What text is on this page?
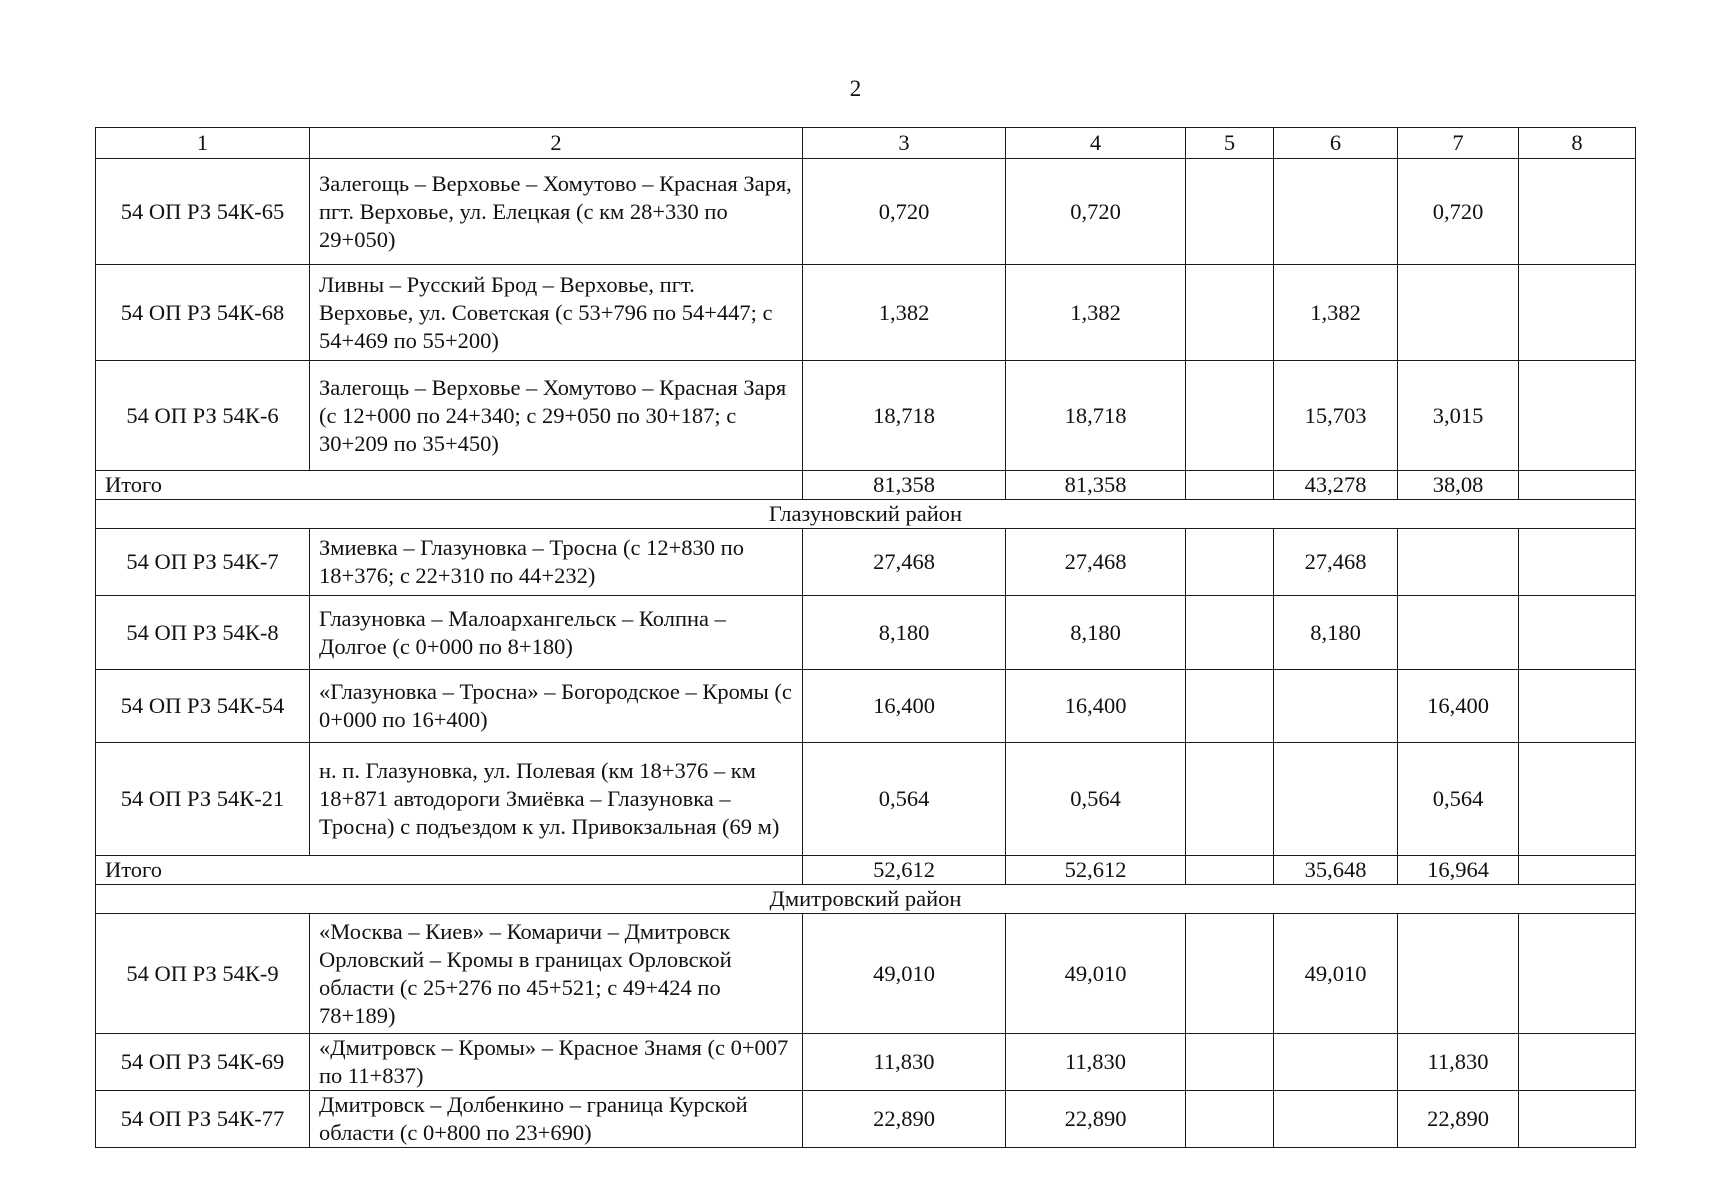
2
1	2	3	4	5	6	7	8
54 ОП РЗ 54К-65	Залегощь – Верховье – Хомутово – Красная Заря, пгт. Верховье, ул. Елецкая (с км 28+330 по 29+050)	0,720	0,720			0,720	
54 ОП РЗ 54К-68	Ливны – Русский Брод – Верховье, пгт. Верховье, ул. Советская (с 53+796 по 54+447; с 54+469 по 55+200)	1,382	1,382		1,382		
54 ОП РЗ 54К-6	Залегощь – Верховье – Хомутово – Красная Заря (с 12+000 по 24+340; с 29+050 по 30+187; с 30+209 по 35+450)	18,718	18,718		15,703	3,015	
Итого		81,358	81,358		43,278	38,08	
Глазуновский район							
54 ОП РЗ 54К-7	Змиевка – Глазуновка – Тросна (с 12+830 по 18+376; с 22+310 по 44+232)	27,468	27,468		27,468		
54 ОП РЗ 54К-8	Глазуновка – Малоархангельск – Колпна – Долгое (с 0+000 по 8+180)	8,180	8,180		8,180		
54 ОП РЗ 54К-54	«Глазуновка – Тросна» – Богородское – Кромы (с 0+000 по 16+400)	16,400	16,400			16,400	
54 ОП РЗ 54К-21	н. п. Глазуновка, ул. Полевая (км 18+376 – км 18+871 автодороги Змиёвка – Глазуновка – Тросна) с подъездом к ул. Привокзальная (69 м)	0,564	0,564			0,564	
Итого		52,612	52,612		35,648	16,964	
Дмитровский район							
54 ОП РЗ 54К-9	«Москва – Киев» – Комаричи – Дмитровск Орловский – Кромы в границах Орловской области (с 25+276 по 45+521; с 49+424 по 78+189)	49,010	49,010		49,010		
54 ОП РЗ 54К-69	«Дмитровск – Кромы» – Красное Знамя (с 0+007 по 11+837)	11,830	11,830			11,830	
54 ОП РЗ 54К-77	Дмитровск – Долбенкино – граница Курской области (с 0+800 по 23+690)	22,890	22,890			22,890	
